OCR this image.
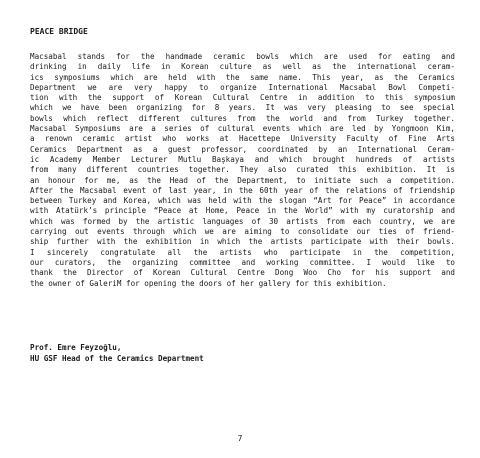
PEACE BRIDGE
Macsabal stands for the handmade ceramic bowls which are used for eating and
drinking in daily life in Korean culture as well as the international ceram-
ics symposiums which are held with the same name. This year, as the Ceramics
Department we are very happy to organize International Macsabal Bowl Competi-
tion with the support of Korean Cultural Centre in addition to this symposium
which we have been organizing for 8 years. It was very pleasing to see special
bowls which reflect different cultures from the world and from Turkey together.
Macsabal Symposiums are a series of cultural events which are led by Yongmoon Kim,
a renown ceramic artist who works at Hacettepe University Faculty of Fine Arts
Ceramics Department as a guest professor, coordinated by an International Ceram-
ic Academy Member Lecturer Mutlu Başkaya and which brought hundreds of artists
from many different countries together. They also curated this exhibition. It is
an honour for me, as the Head of the Department, to initiate such a competition.
After the Macsabal event of last year, in the 60th year of the relations of friendship
between Turkey and Korea, which was held with the slogan “Art for Peace” in accordance
with Atatürk’s principle “Peace at Home, Peace in the World” with my curatorship and
which was formed by the artistic languages of 30 artists from each country, we are
carrying out events through which we are aiming to consolidate our ties of friend-
ship further with the exhibition in which the artists participate with their bowls.
I sincerely congratulate all the artists who participate in the competition,
our curators, the organizing committee and working committee. I would like to
thank the Director of Korean Cultural Centre Dong Woo Cho for his support and
the owner of GaleriM for opening the doors of her gallery for this exhibition.
Prof. Emre Feyzoğlu,
HU GSF Head of the Ceramics Department
7
